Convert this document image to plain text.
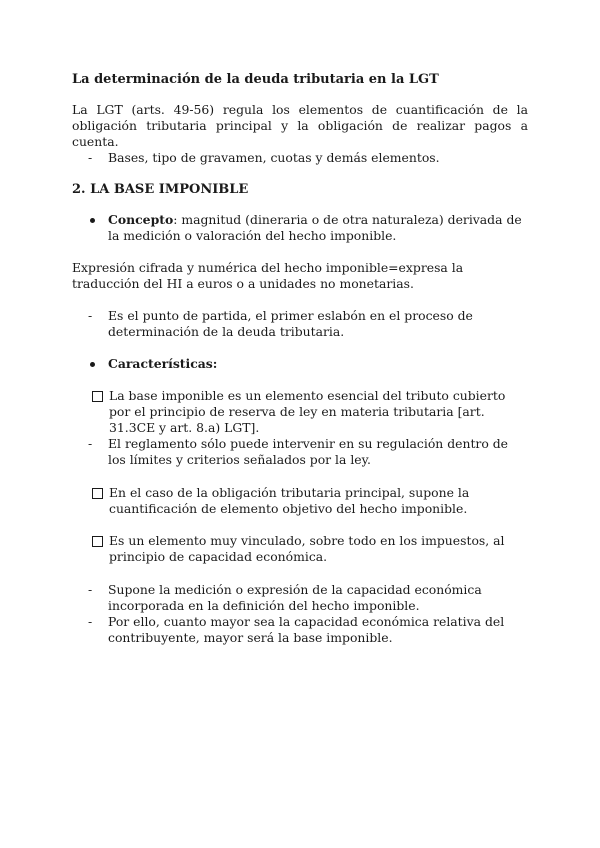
La determinación de la deuda tributaria en la LGT
La LGT (arts. 49-56) regula los elementos de cuantificación de la obligación tributaria principal y la obligación de realizar pagos a cuenta.
- Bases, tipo de gravamen, cuotas y demás elementos.
2. LA BASE IMPONIBLE
Concepto: magnitud (dineraria o de otra naturaleza) derivada de la medición o valoración del hecho imponible.
Expresión cifrada y numérica del hecho imponible=expresa la traducción del HI a euros o a unidades no monetarias.
- Es el punto de partida, el primer eslabón en el proceso de determinación de la deuda tributaria.
Características:
La base imponible es un elemento esencial del tributo cubierto por el principio de reserva de ley en materia tributaria [art. 31.3CE y art. 8.a) LGT].
- El reglamento sólo puede intervenir en su regulación dentro de los límites y criterios señalados por la ley.
En el caso de la obligación tributaria principal, supone la cuantificación de elemento objetivo del hecho imponible.
Es un elemento muy vinculado, sobre todo en los impuestos, al principio de capacidad económica.
- Supone la medición o expresión de la capacidad económica incorporada en la definición del hecho imponible.
- Por ello, cuanto mayor sea la capacidad económica relativa del contribuyente, mayor será la base imponible.
